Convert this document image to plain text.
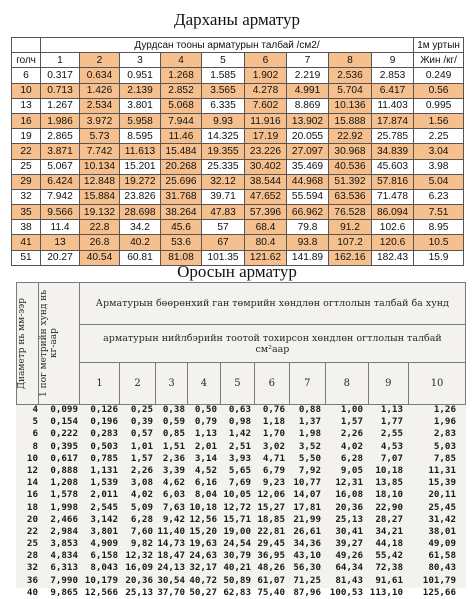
Дарханы арматур
	Дурдсан тооны арматурын талбай /см2/									1м уртын
голч	1	2	3	4	5	6	7	8	9	Жин /кг/
6	0.317	0.634	0.951	1.268	1.585	1.902	2.219	2.536	2.853	0.249
10	0.713	1.426	2.139	2.852	3.565	4.278	4.991	5.704	6.417	0.56
13	1.267	2.534	3.801	5.068	6.335	7.602	8.869	10.136	11.403	0.995
16	1.986	3.972	5.958	7.944	9.93	11.916	13.902	15.888	17.874	1.56
19	2.865	5.73	8.595	11.46	14.325	17.19	20.055	22.92	25.785	2.25
22	3.871	7.742	11.613	15.484	19.355	23.226	27.097	30.968	34.839	3.04
25	5.067	10.134	15.201	20.268	25.335	30.402	35.469	40.536	45.603	3.98
29	6.424	12.848	19.272	25.696	32.12	38.544	44.968	51.392	57.816	5.04
32	7.942	15.884	23.826	31.768	39.71	47.652	55.594	63.536	71.478	6.23
35	9.566	19.132	28.698	38.264	47.83	57.396	66.962	76.528	86.094	7.51
38	11.4	22.8	34.2	45.6	57	68.4	79.8	91.2	102.6	8.95
41	13	26.8	40.2	53.6	67	80.4	93.8	107.2	120.6	10.5
51	20.27	40.54	60.81	81.08	101.35	121.62	141.89	162.16	182.43	15.9
Оросын арматур
Диаметр нь мм-ээр	1 пог метрийн хунд нь кг-аар	Арматурын бөөрөнхий ган төмрийн хөндлөн огтлолын талбай ба хунд									
		арматурын нийлбэрийн тоотой тохирсон хөндлөн огтлолын талбай см²аар									
		1	2	3	4	5	6	7	8	9	10
4	0,099	0,126	0,25	0,38	0,50	0,63	0,76	0,88	1,00	1,13	1,26
5	0,154	0,196	0,39	0,59	0,79	0,98	1,18	1,37	1,57	1,77	1,96
6	0,222	0,283	0,57	0,85	1,13	1,42	1,70	1,98	2,26	2,55	2,83
8	0,395	0,503	1,01	1,51	2,01	2,51	3,02	3,52	4,02	4,53	5,03
10	0,617	0,785	1,57	2,36	3,14	3,93	4,71	5,50	6,28	7,07	7,85
12	0,888	1,131	2,26	3,39	4,52	5,65	6,79	7,92	9,05	10,18	11,31
14	1,208	1,539	3,08	4,62	6,16	7,69	9,23 10,77	12,31	13,85	15,39
16	1,578	2,011	4,02	6,03	8,04 10,05 12,06 14,07	16,08	18,10	20,11
18	1,998	2,545	5,09	7,63 10,18 12,72 15,27 17,81	20,36	22,90	25,45
20	2,466	3,142	6,28	9,42 12,56 15,71 18,85 21,99	25,13	28,27	31,42
22	2,984	3,801	7,60 11,40 15,20 19,00 22,81 26,61	30,41	34,21	38,01
25	3,853	4,909	9,82 14,73 19,63 24,54 29,45 34,36	39,27	44,18	49,09
28	4,834	6,158 12,32 18,47 24,63 30,79 36,95 43,10	49,26	55,42	61,58
32	6,313	8,043 16,09 24,13 32,17 40,21 48,26 56,30	64,34	72,38	80,43
36	7,990 10,179 20,36 30,54 40,72 50,89 61,07 71,25	81,43	91,61	101,79
40	9,865 12,566 25,13 37,70 50,27 62,83 75,40 87,96 100,53 113,10	125,66
